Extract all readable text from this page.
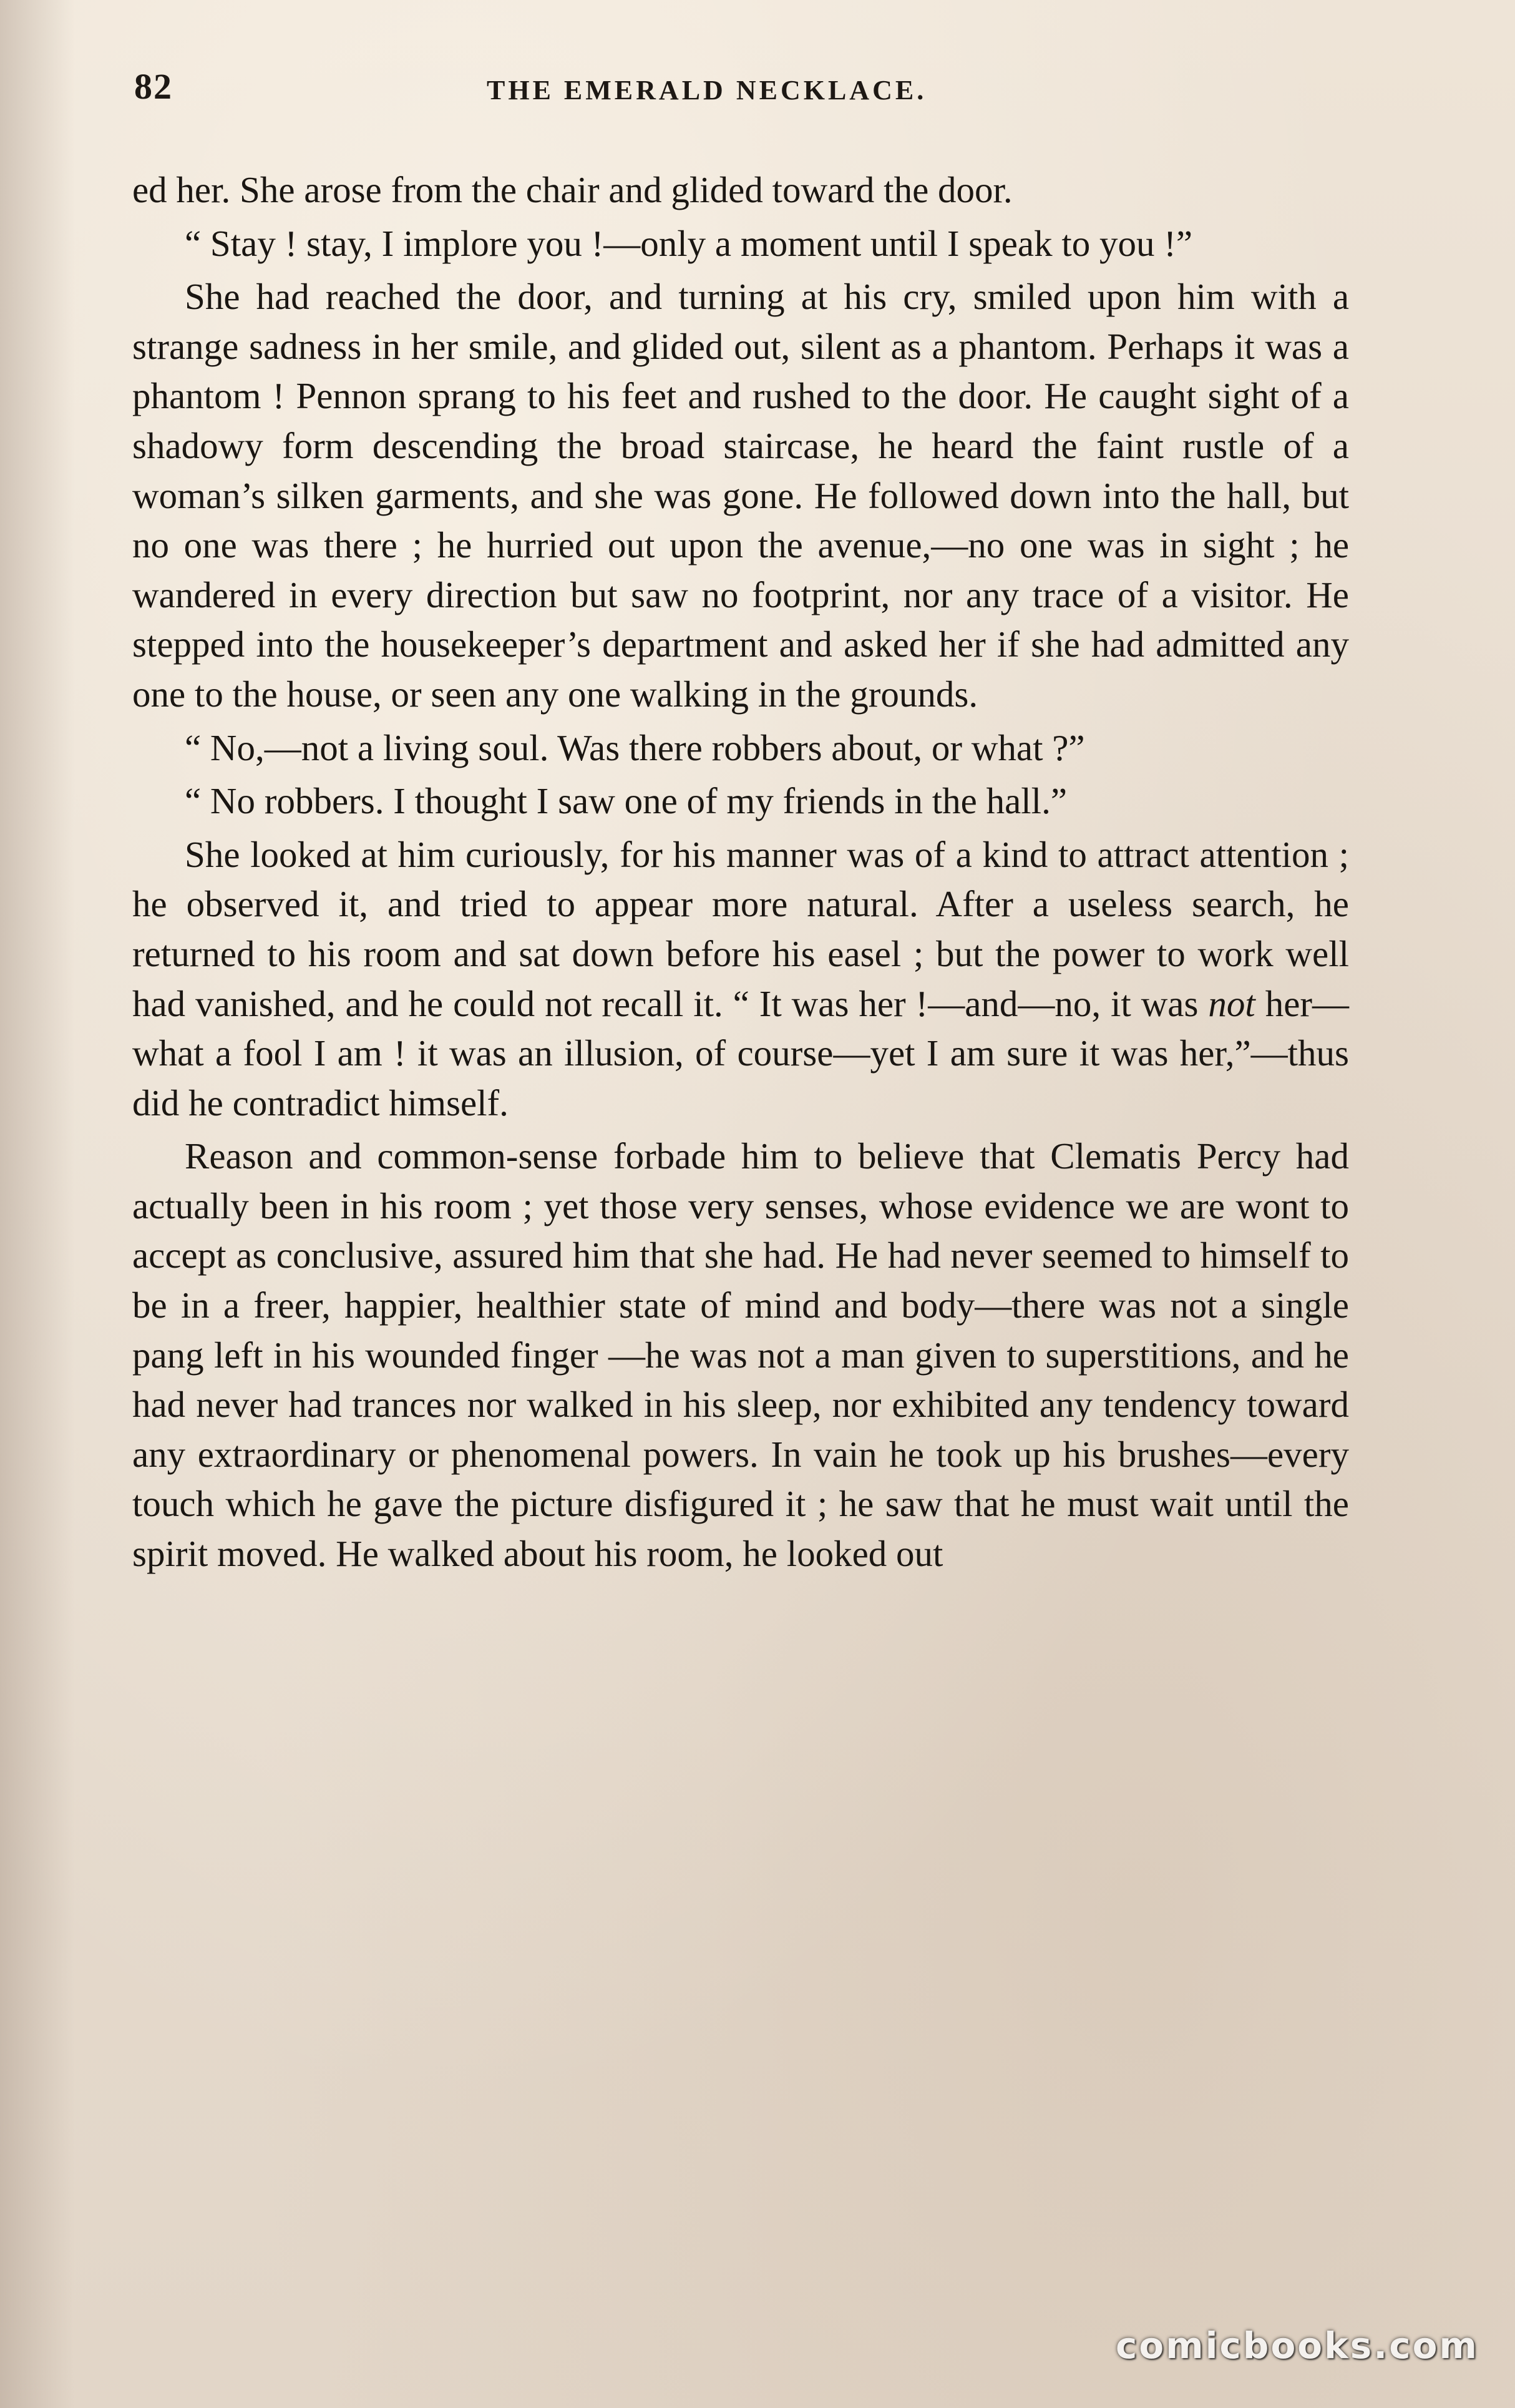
82	THE EMERALD NECKLACE.

ed her. She arose from the chair and glided toward the door.

“ Stay ! stay, I implore you !—only a moment until I speak to you !”

She had reached the door, and turning at his cry, smiled upon him with a strange sadness in her smile, and glided out, silent as a phantom. Perhaps it was a phantom ! Pennon sprang to his feet and rushed to the door. He caught sight of a shadowy form descending the broad staircase, he heard the faint rustle of a woman’s silken garments, and she was gone. He followed down into the hall, but no one was there ; he hurried out upon the avenue,—no one was in sight ; he wandered in every direction but saw no footprint, nor any trace of a visitor. He stepped into the housekeeper’s department and asked her if she had admitted any one to the house, or seen any one walking in the grounds.

“ No,—not a living soul. Was there robbers about, or what ?”

“ No robbers. I thought I saw one of my friends in the hall.”

She looked at him curiously, for his manner was of a kind to attract attention ; he observed it, and tried to appear more natural. After a useless search, he returned to his room and sat down before his easel ; but the power to work well had vanished, and he could not recall it. “ It was her !—and—no, it was not her—what a fool I am ! it was an illusion, of course—yet I am sure it was her,”—thus did he contradict himself.

Reason and common-sense forbade him to believe that Clematis Percy had actually been in his room ; yet those very senses, whose evidence we are wont to accept as conclusive, assured him that she had. He had never seemed to himself to be in a freer, happier, healthier state of mind and body—there was not a single pang left in his wounded finger —he was not a man given to superstitions, and he had never had trances nor walked in his sleep, nor exhibited any tendency toward any extraordinary or phenomenal powers. In vain he took up his brushes—every touch which he gave the picture disfigured it ; he saw that he must wait until the spirit moved. He walked about his room, he looked out

comicbooks.com
